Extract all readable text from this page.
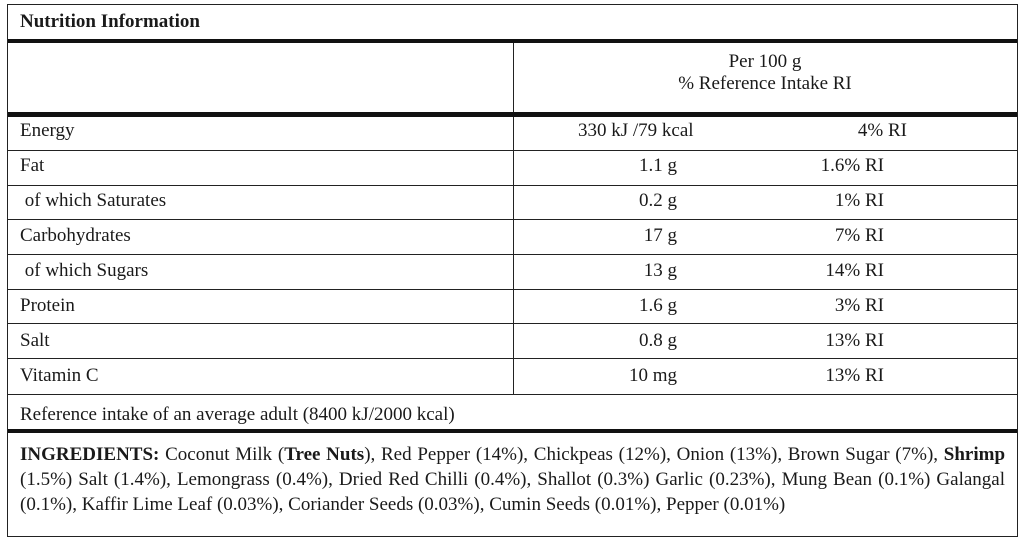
Nutrition Information
Per 100 g
% Reference Intake RI
Energy	330 kJ /79 kcal	4% RI
Fat	1.1 g	1.6% RI
of which Saturates	0.2 g	1% RI
Carbohydrates	17 g	7% RI
of which Sugars	13 g	14% RI
Protein	1.6 g	3% RI
Salt	0.8 g	13% RI
Vitamin C	10 mg	13% RI
Reference intake of an average adult (8400 kJ/2000 kcal)
INGREDIENTS: Coconut Milk (Tree Nuts), Red Pepper (14%), Chickpeas (12%), Onion (13%), Brown Sugar (7%), Shrimp (1.5%) Salt (1.4%), Lemongrass (0.4%), Dried Red Chilli (0.4%), Shallot (0.3%) Garlic (0.23%), Mung Bean (0.1%) Galangal (0.1%), Kaffir Lime Leaf (0.03%), Coriander Seeds (0.03%), Cumin Seeds (0.01%), Pepper (0.01%)
